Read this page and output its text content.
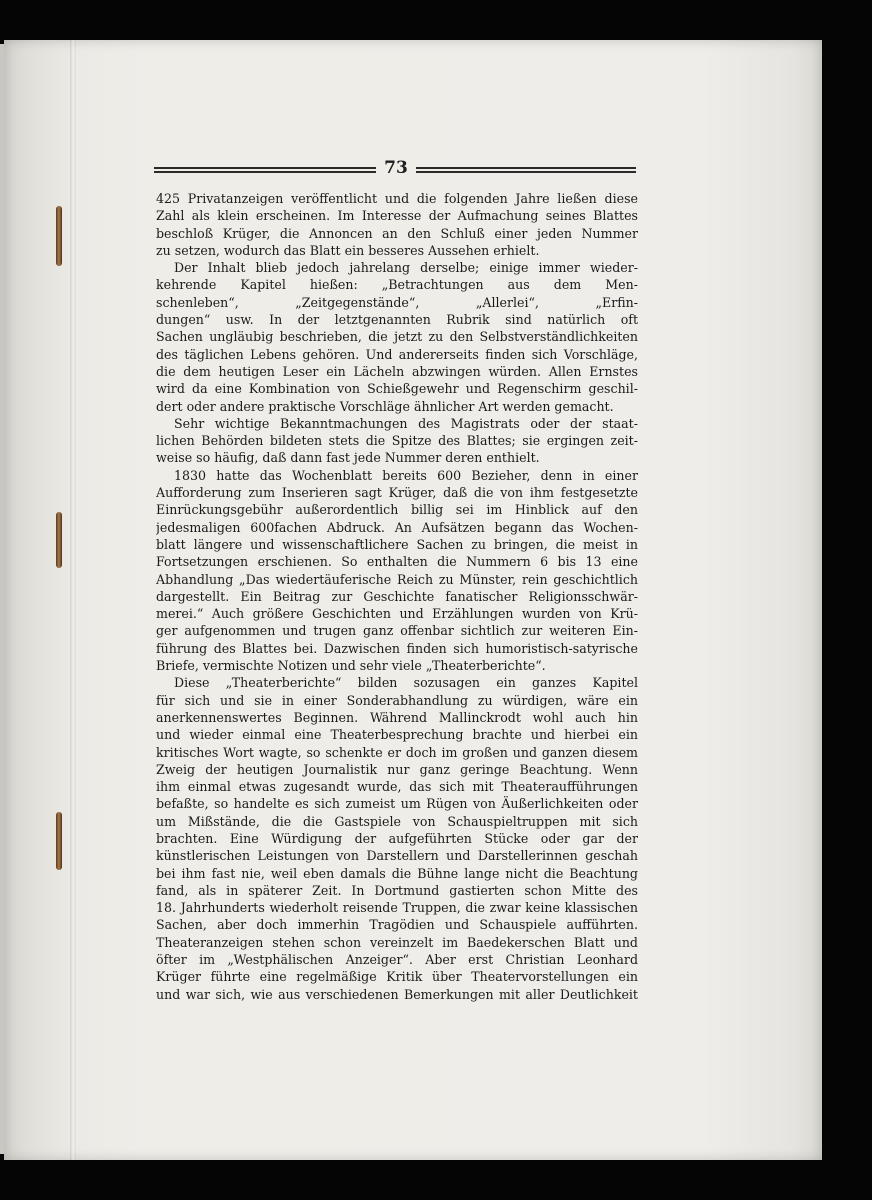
73
425 Privatanzeigen veröffentlicht und die folgenden Jahre ließen diese
Zahl als klein erscheinen. Im Interesse der Aufmachung seines Blattes
beschloß Krüger, die Annoncen an den Schluß einer jeden Nummer
zu setzen, wodurch das Blatt ein besseres Aussehen erhielt.
Der Inhalt blieb jedoch jahrelang derselbe; einige immer wieder-
kehrende Kapitel hießen: „Betrachtungen aus dem Men-
schenleben“, „Zeitgegenstände“, „Allerlei“, „Erfin-
dungen“ usw. In der letztgenannten Rubrik sind natürlich oft
Sachen ungläubig beschrieben, die jetzt zu den Selbstverständlichkeiten
des täglichen Lebens gehören. Und andererseits finden sich Vorschläge,
die dem heutigen Leser ein Lächeln abzwingen würden. Allen Ernstes
wird da eine Kombination von Schießgewehr und Regenschirm geschil-
dert oder andere praktische Vorschläge ähnlicher Art werden gemacht.
Sehr wichtige Bekanntmachungen des Magistrats oder der staat-
lichen Behörden bildeten stets die Spitze des Blattes; sie ergingen zeit-
weise so häufig, daß dann fast jede Nummer deren enthielt.
1830 hatte das Wochenblatt bereits 600 Bezieher, denn in einer
Aufforderung zum Inserieren sagt Krüger, daß die von ihm festgesetzte
Einrückungsgebühr außerordentlich billig sei im Hinblick auf den
jedesmaligen 600fachen Abdruck. An Aufsätzen begann das Wochen-
blatt längere und wissenschaftlichere Sachen zu bringen, die meist in
Fortsetzungen erschienen. So enthalten die Nummern 6 bis 13 eine
Abhandlung „Das wiedertäuferische Reich zu Münster, rein geschichtlich
dargestellt. Ein Beitrag zur Geschichte fanatischer Religionsschwär-
merei.“ Auch größere Geschichten und Erzählungen wurden von Krü-
ger aufgenommen und trugen ganz offenbar sichtlich zur weiteren Ein-
führung des Blattes bei. Dazwischen finden sich humoristisch-satyrische
Briefe, vermischte Notizen und sehr viele „Theaterberichte“.
Diese „Theaterberichte“ bilden sozusagen ein ganzes Kapitel
für sich und sie in einer Sonderabhandlung zu würdigen, wäre ein
anerkennenswertes Beginnen. Während Mallinckrodt wohl auch hin
und wieder einmal eine Theaterbesprechung brachte und hierbei ein
kritisches Wort wagte, so schenkte er doch im großen und ganzen diesem
Zweig der heutigen Journalistik nur ganz geringe Beachtung. Wenn
ihm einmal etwas zugesandt wurde, das sich mit Theateraufführungen
befaßte, so handelte es sich zumeist um Rügen von Äußerlichkeiten oder
um Mißstände, die die Gastspiele von Schauspieltruppen mit sich
brachten. Eine Würdigung der aufgeführten Stücke oder gar der
künstlerischen Leistungen von Darstellern und Darstellerinnen geschah
bei ihm fast nie, weil eben damals die Bühne lange nicht die Beachtung
fand, als in späterer Zeit. In Dortmund gastierten schon Mitte des
18. Jahrhunderts wiederholt reisende Truppen, die zwar keine klassischen
Sachen, aber doch immerhin Tragödien und Schauspiele aufführten.
Theateranzeigen stehen schon vereinzelt im Baedekerschen Blatt und
öfter im „Westphälischen Anzeiger“. Aber erst Christian Leonhard
Krüger führte eine regelmäßige Kritik über Theatervorstellungen ein
und war sich, wie aus verschiedenen Bemerkungen mit aller Deutlichkeit
